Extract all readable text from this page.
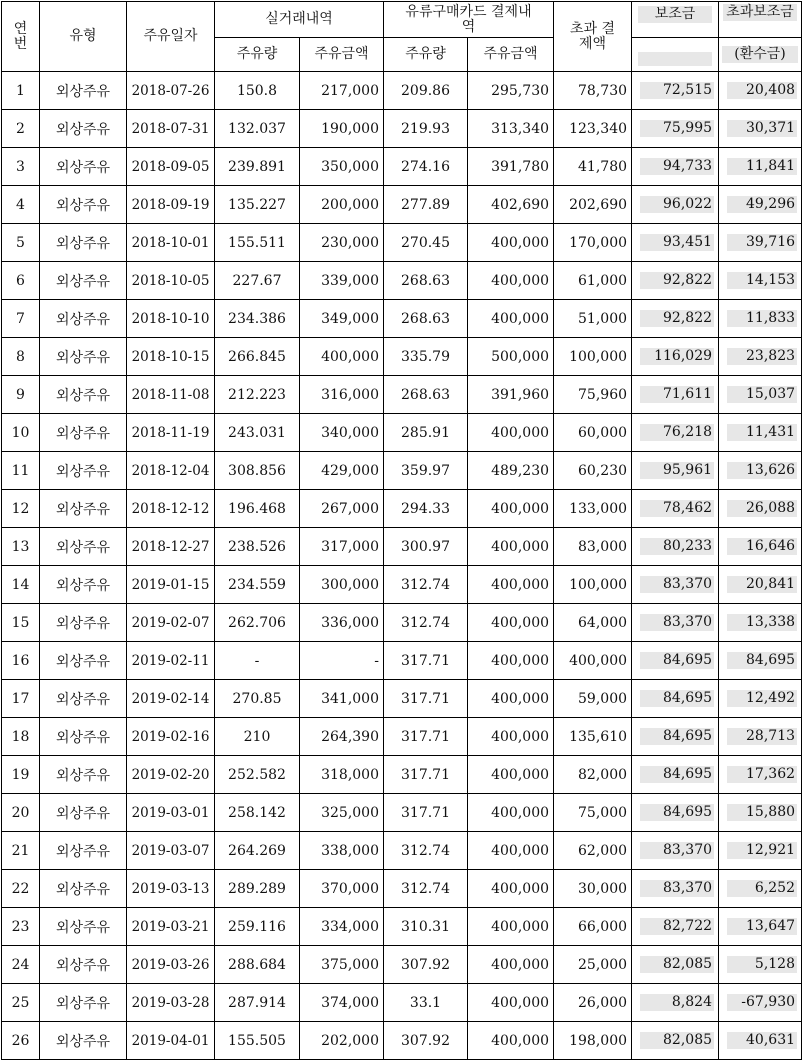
연번	유형	주유일자	실거래내역		유류구매카드 결제내역		초과 결제액	보조금	초과보조금

			주유량	주유금액	주유량	주유금액			(환수금)

1	외상주유	2018-07-26	150.8	217,000	209.86	295,730	78,730	72,515	20,408

2	외상주유	2018-07-31	132.037	190,000	219.93	313,340	123,340	75,995	30,371

3	외상주유	2018-09-05	239.891	350,000	274.16	391,780	41,780	94,733	11,841

4	외상주유	2018-09-19	135.227	200,000	277.89	402,690	202,690	96,022	49,296

5	외상주유	2018-10-01	155.511	230,000	270.45	400,000	170,000	93,451	39,716

6	외상주유	2018-10-05	227.67	339,000	268.63	400,000	61,000	92,822	14,153

7	외상주유	2018-10-10	234.386	349,000	268.63	400,000	51,000	92,822	11,833

8	외상주유	2018-10-15	266.845	400,000	335.79	500,000	100,000	116,029	23,823

9	외상주유	2018-11-08	212.223	316,000	268.63	391,960	75,960	71,611	15,037

10	외상주유	2018-11-19	243.031	340,000	285.91	400,000	60,000	76,218	11,431

11	외상주유	2018-12-04	308.856	429,000	359.97	489,230	60,230	95,961	13,626

12	외상주유	2018-12-12	196.468	267,000	294.33	400,000	133,000	78,462	26,088

13	외상주유	2018-12-27	238.526	317,000	300.97	400,000	83,000	80,233	16,646

14	외상주유	2019-01-15	234.559	300,000	312.74	400,000	100,000	83,370	20,841

15	외상주유	2019-02-07	262.706	336,000	312.74	400,000	64,000	83,370	13,338

16	외상주유	2019-02-11	-	-	317.71	400,000	400,000	84,695	84,695

17	외상주유	2019-02-14	270.85	341,000	317.71	400,000	59,000	84,695	12,492

18	외상주유	2019-02-16	210	264,390	317.71	400,000	135,610	84,695	28,713

19	외상주유	2019-02-20	252.582	318,000	317.71	400,000	82,000	84,695	17,362

20	외상주유	2019-03-01	258.142	325,000	317.71	400,000	75,000	84,695	15,880

21	외상주유	2019-03-07	264.269	338,000	312.74	400,000	62,000	83,370	12,921

22	외상주유	2019-03-13	289.289	370,000	312.74	400,000	30,000	83,370	6,252

23	외상주유	2019-03-21	259.116	334,000	310.31	400,000	66,000	82,722	13,647

24	외상주유	2019-03-26	288.684	375,000	307.92	400,000	25,000	82,085	5,128

25	외상주유	2019-03-28	287.914	374,000	33.1	400,000	26,000	8,824	-67,930

26	외상주유	2019-04-01	155.505	202,000	307.92	400,000	198,000	82,085	40,631
